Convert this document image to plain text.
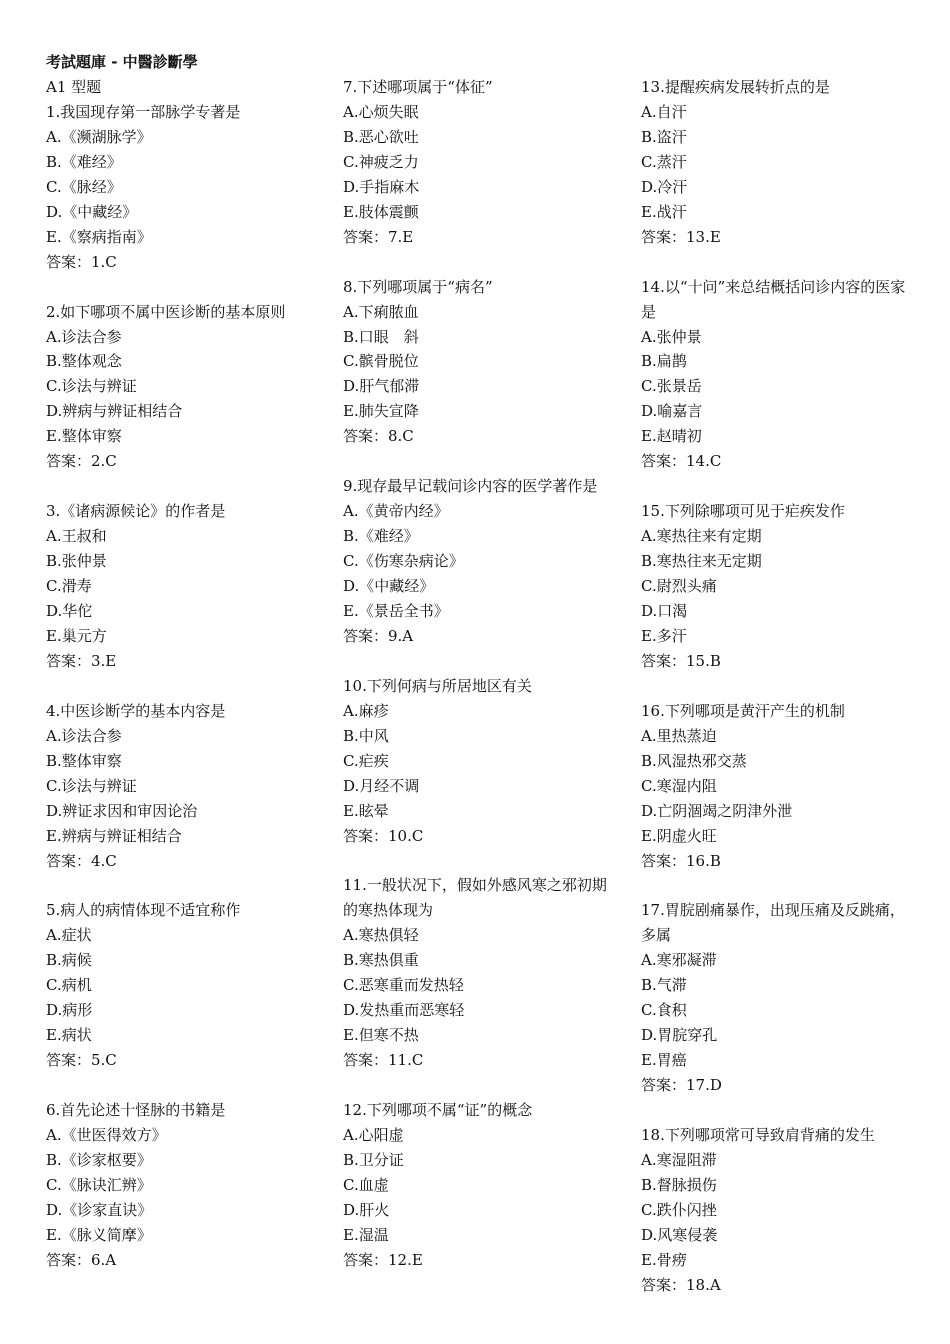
考試題庫 - 中醫診斷學

A1 型题

1.我国现存第一部脉学专著是

A.《濒湖脉学》

B.《难经》

C.《脉经》

D.《中藏经》

E.《察病指南》

答案：1.C

2.如下哪项不属中医诊断的基本原则

A.诊法合参

B.整体观念

C.诊法与辨证

D.辨病与辨证相结合

E.整体审察

答案：2.C

3.《诸病源候论》的作者是

A.王叔和

B.张仲景

C.滑寿

D.华佗

E.巢元方

答案：3.E

4.中医诊断学的基本内容是

A.诊法合参

B.整体审察

C.诊法与辨证

D.辨证求因和审因论治

E.辨病与辨证相结合

答案：4.C

5.病人的病情体现不适宜称作

A.症状

B.病候

C.病机

D.病形

E.病状

答案：5.C

6.首先论述十怪脉的书籍是

A.《世医得效方》

B.《诊家枢要》

C.《脉诀汇辨》

D.《诊家直诀》

E.《脉义简摩》

答案：6.A

7.下述哪项属于“体征”

A.心烦失眠

B.恶心欲吐

C.神疲乏力

D.手指麻木

E.肢体震颤

答案：7.E

8.下列哪项属于“病名”

A.下痢脓血

B.口眼　斜

C.髌骨脱位

D.肝气郁滞

E.肺失宣降

答案：8.C

9.现存最早记载问诊内容的医学著作是

A.《黄帝内经》

B.《难经》

C.《伤寒杂病论》

D.《中藏经》

E.《景岳全书》

答案：9.A

10.下列何病与所居地区有关

A.麻疹

B.中风

C.疟疾

D.月经不调

E.眩晕

答案：10.C

11.一般状况下，假如外感风寒之邪初期的寒热体现为

A.寒热俱轻

B.寒热俱重

C.恶寒重而发热轻

D.发热重而恶寒轻

E.但寒不热

答案：11.C

12.下列哪项不属“证”的概念

A.心阳虚

B.卫分证

C.血虚

D.肝火

E.湿温

答案：12.E

13.提醒疾病发展转折点的是

A.自汗

B.盗汗

C.蒸汗

D.冷汗

E.战汗

答案：13.E

14.以“十问”来总结概括问诊内容的医家是

A.张仲景

B.扁鹊

C.张景岳

D.喻嘉言

E.赵晴初

答案：14.C

15.下列除哪项可见于疟疾发作

A.寒热往来有定期

B.寒热往来无定期

C.尉烈头痛

D.口渴

E.多汗

答案：15.B

16.下列哪项是黄汗产生的机制

A.里热蒸迫

B.风湿热邪交蒸

C.寒湿内阻

D.亡阴涸竭之阴津外泄

E.阴虚火旺

答案：16.B

17.胃脘剧痛暴作，出现压痛及反跳痛，多属

A.寒邪凝滞

B.气滞

C.食积

D.胃脘穿孔

E.胃癌

答案：17.D

18.下列哪项常可导致肩背痛的发生

A.寒湿阻滞

B.督脉损伤

C.跌仆闪挫

D.风寒侵袭

E.骨痨

答案：18.A
